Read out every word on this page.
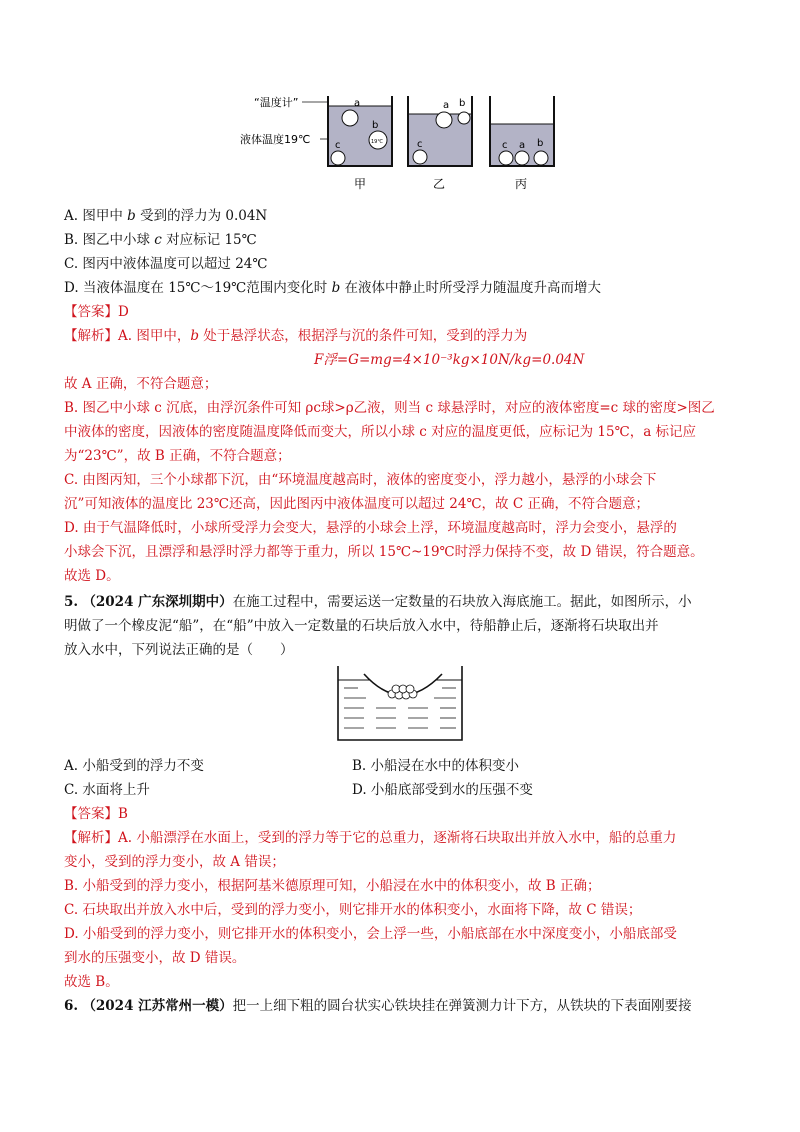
a
b
19℃
c
“温度计”
液体温度19℃
甲
a b
c
乙
c a b
丙
A. 图甲中 b 受到的浮力为 0.04N
B. 图乙中小球 c 对应标记 15℃
C. 图丙中液体温度可以超过 24℃
D. 当液体温度在 15℃～19℃范围内变化时 b 在液体中静止时所受浮力随温度升高而增大
【答案】D
【解析】A. 图甲中，b 处于悬浮状态，根据浮与沉的条件可知，受到的浮力为
F浮=G=mg=4×10⁻³kg×10N/kg=0.04N
故 A 正确，不符合题意；
B. 图乙中小球 c 沉底，由浮沉条件可知 ρc球>ρ乙液，则当 c 球悬浮时，对应的液体密度=c 球的密度>图乙
中液体的密度，因液体的密度随温度降低而变大，所以小球 c 对应的温度更低，应标记为 15℃，a 标记应
为“23℃”，故 B 正确，不符合题意；
C. 由图丙知，三个小球都下沉，由“环境温度越高时，液体的密度变小，浮力越小，悬浮的小球会下
沉”可知液体的温度比 23℃还高，因此图丙中液体温度可以超过 24℃，故 C 正确，不符合题意；
D. 由于气温降低时，小球所受浮力会变大，悬浮的小球会上浮，环境温度越高时，浮力会变小，悬浮的
小球会下沉，且漂浮和悬浮时浮力都等于重力，所以 15℃~19℃时浮力保持不变，故 D 错误，符合题意。
故选 D。
5. （2024 广东深圳期中）在施工过程中，需要运送一定数量的石块放入海底施工。据此，如图所示，小
明做了一个橡皮泥“船”，在“船”中放入一定数量的石块后放入水中，待船静止后，逐渐将石块取出并
放入水中，下列说法正确的是（　　）
A. 小船受到的浮力不变	B. 小船浸在水中的体积变小
C. 水面将上升	D. 小船底部受到水的压强不变
【答案】B
【解析】A. 小船漂浮在水面上，受到的浮力等于它的总重力，逐渐将石块取出并放入水中，船的总重力
变小，受到的浮力变小，故 A 错误；
B. 小船受到的浮力变小，根据阿基米德原理可知，小船浸在水中的体积变小，故 B 正确；
C. 石块取出并放入水中后，受到的浮力变小，则它排开水的体积变小，水面将下降，故 C 错误；
D. 小船受到的浮力变小，则它排开水的体积变小，会上浮一些，小船底部在水中深度变小，小船底部受
到水的压强变小，故 D 错误。
故选 B。
6. （2024 江苏常州一模）把一上细下粗的圆台状实心铁块挂在弹簧测力计下方，从铁块的下表面刚要接
